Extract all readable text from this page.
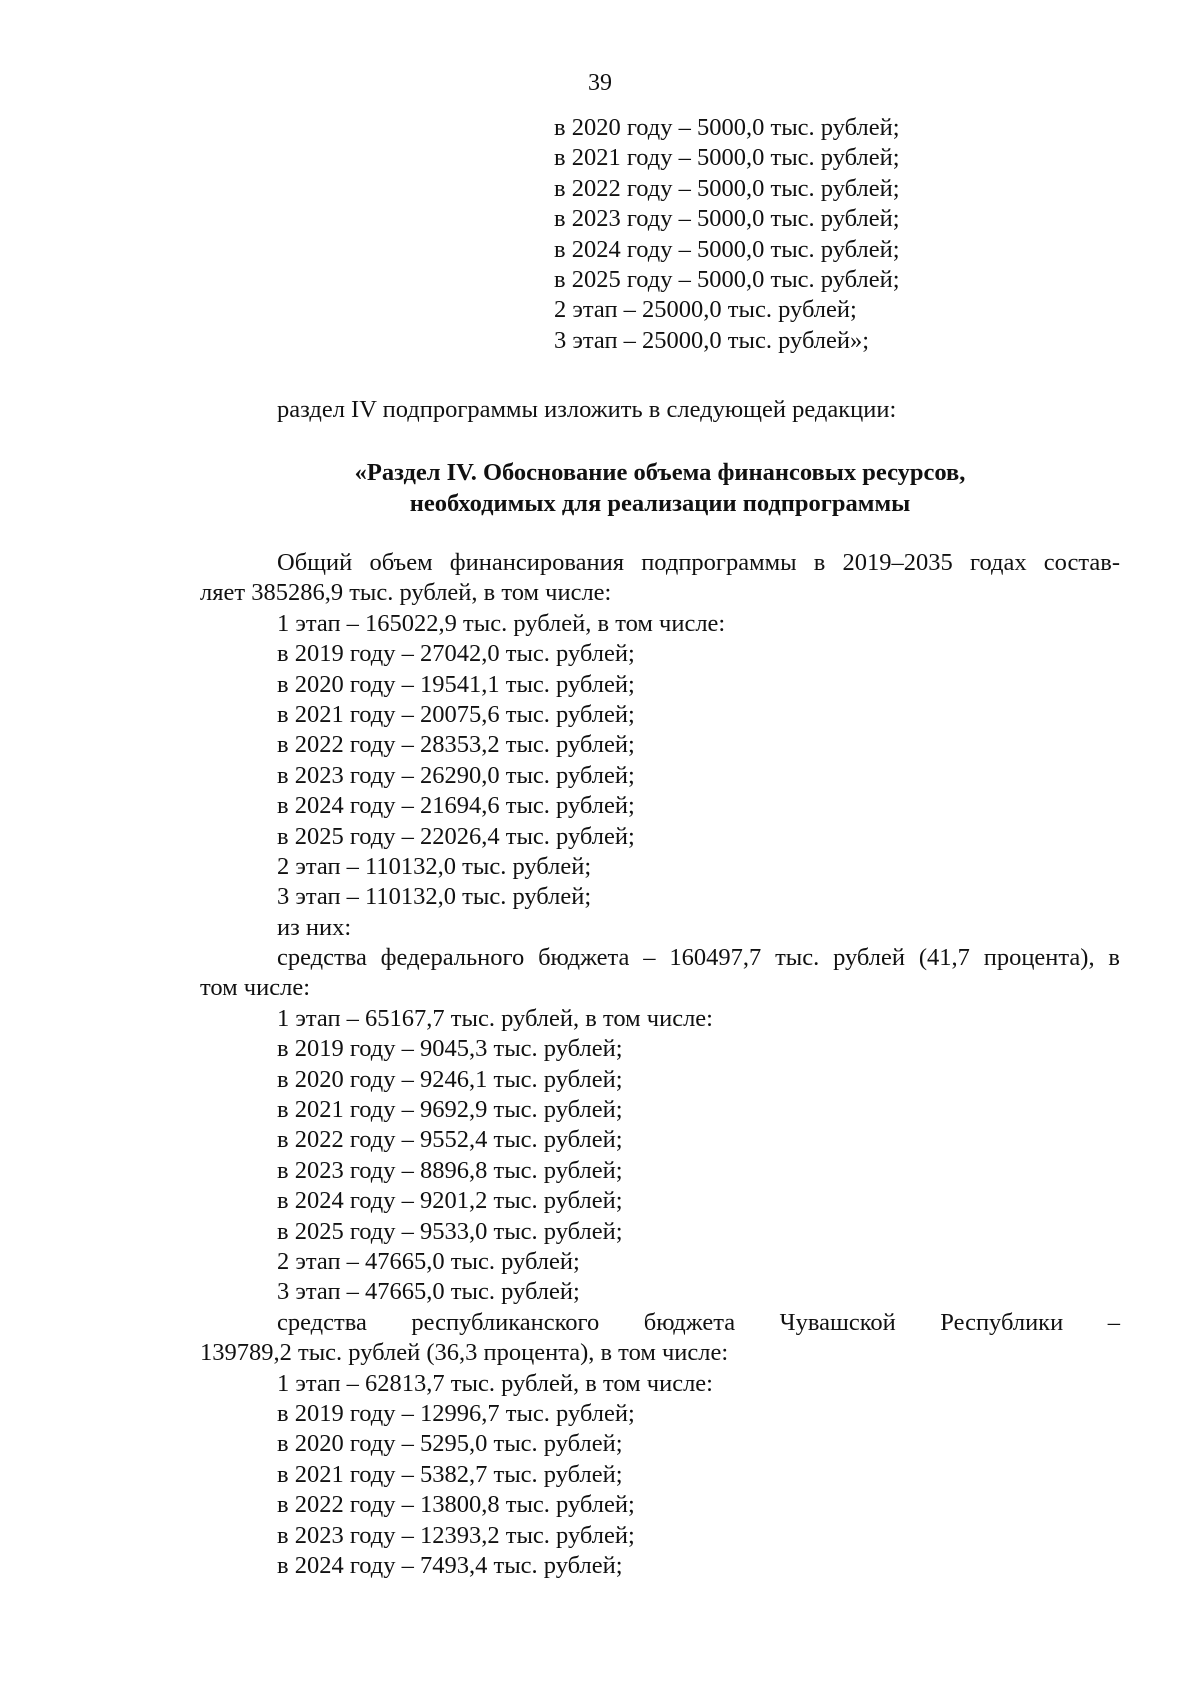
39
в 2020 году – 5000,0 тыс. рублей;
в 2021 году – 5000,0 тыс. рублей;
в 2022 году – 5000,0 тыс. рублей;
в 2023 году – 5000,0 тыс. рублей;
в 2024 году – 5000,0 тыс. рублей;
в 2025 году – 5000,0 тыс. рублей;
2 этап – 25000,0 тыс. рублей;
3 этап – 25000,0 тыс. рублей»;
раздел IV подпрограммы изложить в следующей редакции:
«Раздел IV. Обоснование объема финансовых ресурсов,
необходимых для реализации подпрограммы
Общий объем финансирования подпрограммы в 2019–2035 годах состав-
ляет 385286,9 тыс. рублей, в том числе:
1 этап – 165022,9 тыс. рублей, в том числе:
в 2019 году – 27042,0 тыс. рублей;
в 2020 году – 19541,1 тыс. рублей;
в 2021 году – 20075,6 тыс. рублей;
в 2022 году – 28353,2 тыс. рублей;
в 2023 году – 26290,0 тыс. рублей;
в 2024 году – 21694,6 тыс. рублей;
в 2025 году – 22026,4 тыс. рублей;
2 этап – 110132,0 тыс. рублей;
3 этап – 110132,0 тыс. рублей;
из них:
средства федерального бюджета – 160497,7 тыс. рублей (41,7 процента), в
том числе:
1 этап – 65167,7 тыс. рублей, в том числе:
в 2019 году – 9045,3 тыс. рублей;
в 2020 году – 9246,1 тыс. рублей;
в 2021 году – 9692,9 тыс. рублей;
в 2022 году – 9552,4 тыс. рублей;
в 2023 году – 8896,8 тыс. рублей;
в 2024 году – 9201,2 тыс. рублей;
в 2025 году – 9533,0 тыс. рублей;
2 этап – 47665,0 тыс. рублей;
3 этап – 47665,0 тыс. рублей;
средства республиканского бюджета Чувашской Республики –
139789,2 тыс. рублей (36,3 процента), в том числе:
1 этап – 62813,7 тыс. рублей, в том числе:
в 2019 году – 12996,7 тыс. рублей;
в 2020 году – 5295,0 тыс. рублей;
в 2021 году – 5382,7 тыс. рублей;
в 2022 году – 13800,8 тыс. рублей;
в 2023 году – 12393,2 тыс. рублей;
в 2024 году – 7493,4 тыс. рублей;
